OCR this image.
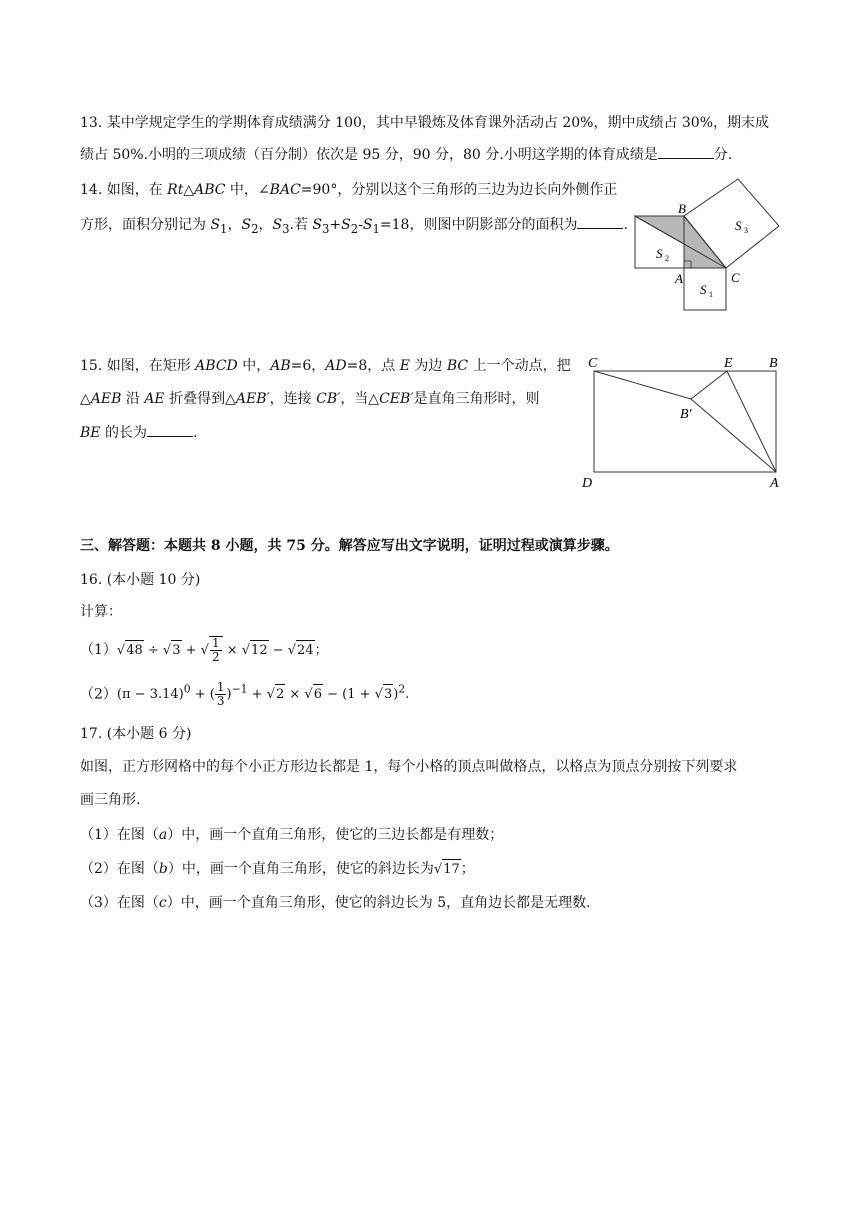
13. 某中学规定学生的学期体育成绩满分 100，其中早锻炼及体育课外活动占 20%，期中成绩占 30%，期末成
绩占 50%.小明的三项成绩（百分制）依次是 95 分，90 分，80 分.小明这学期的体育成绩是	分.
14. 如图，在 Rt△ABC 中，∠BAC=90°，分别以这个三角形的三边为边长向外侧作正
方形，面积分别记为 $S_1$，$S_2$，$S_3$.若 $S_3+S_2-S_1=18$，则图中阴影部分的面积为	.
B
A	C
S 2
S 1
S 3
15. 如图，在矩形 ABCD 中，AB=6，AD=8，点 E 为边 BC 上一个动点，把
△AEB 沿 AE 折叠得到△AEB′，连接 CB′，当△CEB′是直角三角形时，则
BE 的长为	.
C	E	B
B′
D	A
三、解答题：本题共 8 小题，共 75 分。解答应写出文字说明，证明过程或演算步骤。
16. (本小题 10 分)
计算：
（1）√48 ÷ √3 + √ $\frac{1}{2} \times √12 - √24$；
$(2)(\pi - 3.14)^0$ + ( $\frac{1}{3} )^{-1} + √2 \times √6 - (1 + √3)^2$.
17. (本小题 6 分)
如图，正方形网格中的每个小正方形边长都是 1，每个小格的顶点叫做格点，以格点为顶点分别按下列要求
画三角形.
（1）在图（a）中，画一个直角三角形，使它的三边长都是有理数；
（2）在图（b）中，画一个直角三角形，使它的斜边长为√17；
（3）在图（c）中，画一个直角三角形，使它的斜边长为 5，直角边长都是无理数.
